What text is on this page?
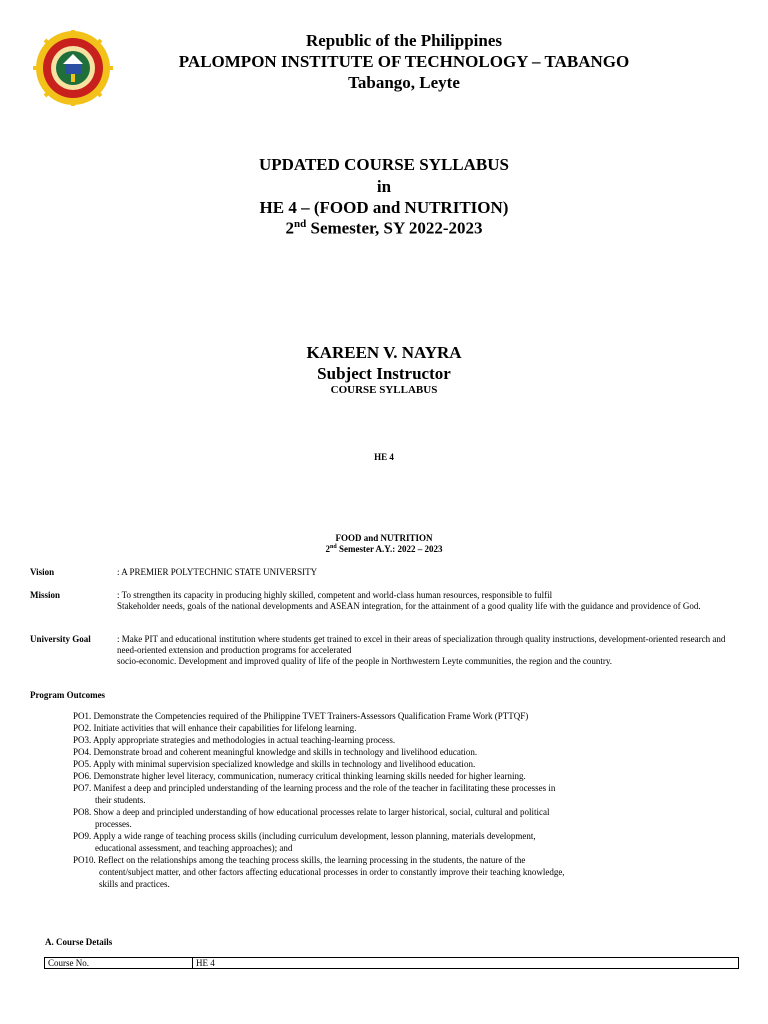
Republic of the Philippines
PALOMPON INSTITUTE OF TECHNOLOGY – TABANGO
Tabango, Leyte
UPDATED COURSE SYLLABUS
in
HE 4 – (FOOD and NUTRITION)
2nd Semester, SY 2022-2023
KAREEN V. NAYRA
Subject Instructor
COURSE SYLLABUS
HE 4
FOOD and NUTRITION
2nd Semester A.Y.: 2022 – 2023
Vision	: A PREMIER POLYTECHNIC STATE UNIVERSITY
Mission	: To strengthen its capacity in producing highly skilled, competent and world-class human resources, responsible to fulfil
Stakeholder needs, goals of the national developments and ASEAN integration, for the attainment of a good quality life with the guidance and providence of God.
University Goal	: Make PIT and educational institution where students get trained to excel in their areas of specialization through quality instructions, development-oriented research and need-oriented extension and production programs for accelerated
socio-economic. Development and improved quality of life of the people in Northwestern Leyte communities, the region and the country.
Program Outcomes
PO1. Demonstrate the Competencies required of the Philippine TVET Trainers-Assessors Qualification Frame Work (PTTQF)
PO2. Initiate activities that will enhance their capabilities for lifelong learning.
PO3. Apply appropriate strategies and methodologies in actual teaching-learning process.
PO4. Demonstrate broad and coherent meaningful knowledge and skills in technology and livelihood education.
PO5. Apply with minimal supervision specialized knowledge and skills in technology and livelihood education.
PO6. Demonstrate higher level literacy, communication, numeracy critical thinking learning skills needed for higher learning.
PO7. Manifest a deep and principled understanding of the learning process and the role of the teacher in facilitating these processes in
their students.
PO8. Show a deep and principled understanding of how educational processes relate to larger historical, social, cultural and political
processes.
PO9. Apply a wide range of teaching process skills (including curriculum development, lesson planning, materials development,
educational assessment, and teaching approaches); and
PO10. Reflect on the relationships among the teaching process skills, the learning processing in the students, the nature of the
content/subject matter, and other factors affecting educational processes in order to constantly improve their teaching knowledge,
skills and practices.
A. Course Details
Course No.	HE 4
